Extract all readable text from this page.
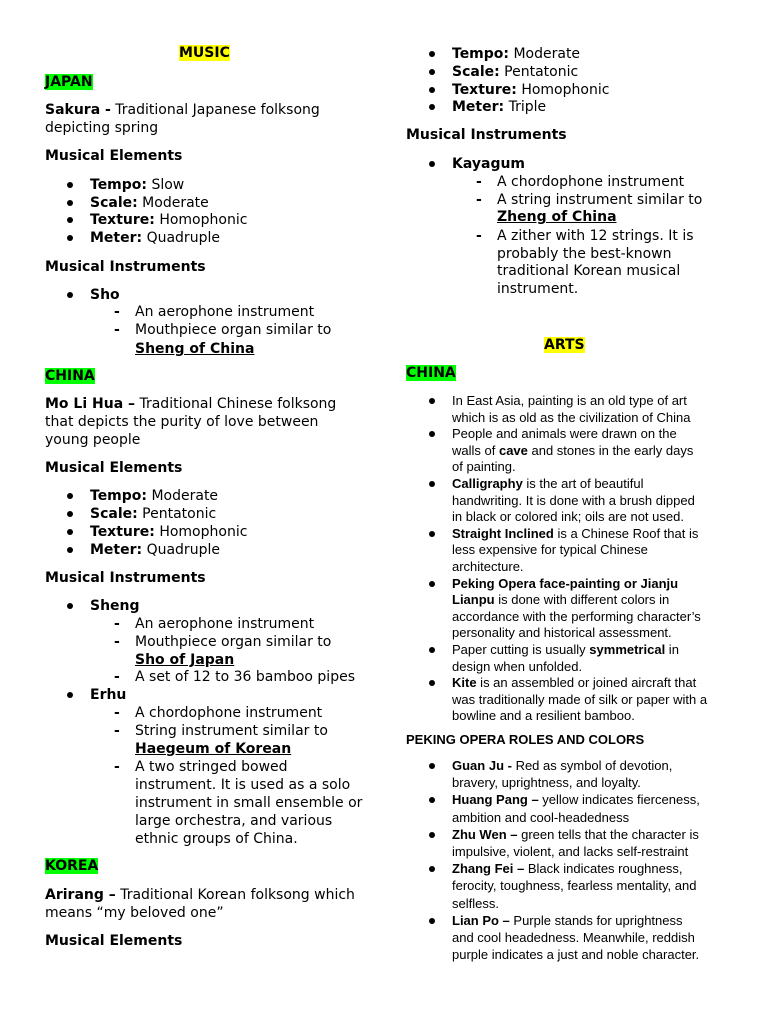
MUSIC
JAPAN
Sakura - Traditional Japanese folksong
depicting spring
Musical Elements
Tempo: Slow
Scale: Moderate
Texture: Homophonic
Meter: Quadruple
Musical Instruments
Sho
- An aerophone instrument
- Mouthpiece organ similar to
Sheng of China
CHINA
Mo Li Hua – Traditional Chinese folksong
that depicts the purity of love between
young people
Musical Elements
Tempo: Moderate
Scale: Pentatonic
Texture: Homophonic
Meter: Quadruple
Musical Instruments
Sheng
- An aerophone instrument
- Mouthpiece organ similar to
Sho of Japan
- A set of 12 to 36 bamboo pipes
Erhu
- A chordophone instrument
- String instrument similar to
Haegeum of Korean
- A two stringed bowed
instrument. It is used as a solo
instrument in small ensemble or
large orchestra, and various
ethnic groups of China.
KOREA
Arirang – Traditional Korean folksong which
means “my beloved one”
Musical Elements
Tempo: Moderate
Scale: Pentatonic
Texture: Homophonic
Meter: Triple
Musical Instruments
Kayagum
- A chordophone instrument
- A string instrument similar to
Zheng of China
- A zither with 12 strings. It is
probably the best-known
traditional Korean musical
instrument.
ARTS
CHINA
In East Asia, painting is an old type of art
which is as old as the civilization of China
People and animals were drawn on the
walls of cave and stones in the early days
of painting.
Calligraphy is the art of beautiful
handwriting. It is done with a brush dipped
in black or colored ink; oils are not used.
Straight Inclined is a Chinese Roof that is
less expensive for typical Chinese
architecture.
Peking Opera face-painting or Jianju
Lianpu is done with different colors in
accordance with the performing character’s
personality and historical assessment.
Paper cutting is usually symmetrical in
design when unfolded.
Kite is an assembled or joined aircraft that
was traditionally made of silk or paper with a
bowline and a resilient bamboo.
PEKING OPERA ROLES AND COLORS
Guan Ju - Red as symbol of devotion,
bravery, uprightness, and loyalty.
Huang Pang – yellow indicates fierceness,
ambition and cool-headedness
Zhu Wen – green tells that the character is
impulsive, violent, and lacks self-restraint
Zhang Fei – Black indicates roughness,
ferocity, toughness, fearless mentality, and
selfless.
Lian Po – Purple stands for uprightness
and cool headedness. Meanwhile, reddish
purple indicates a just and noble character.
